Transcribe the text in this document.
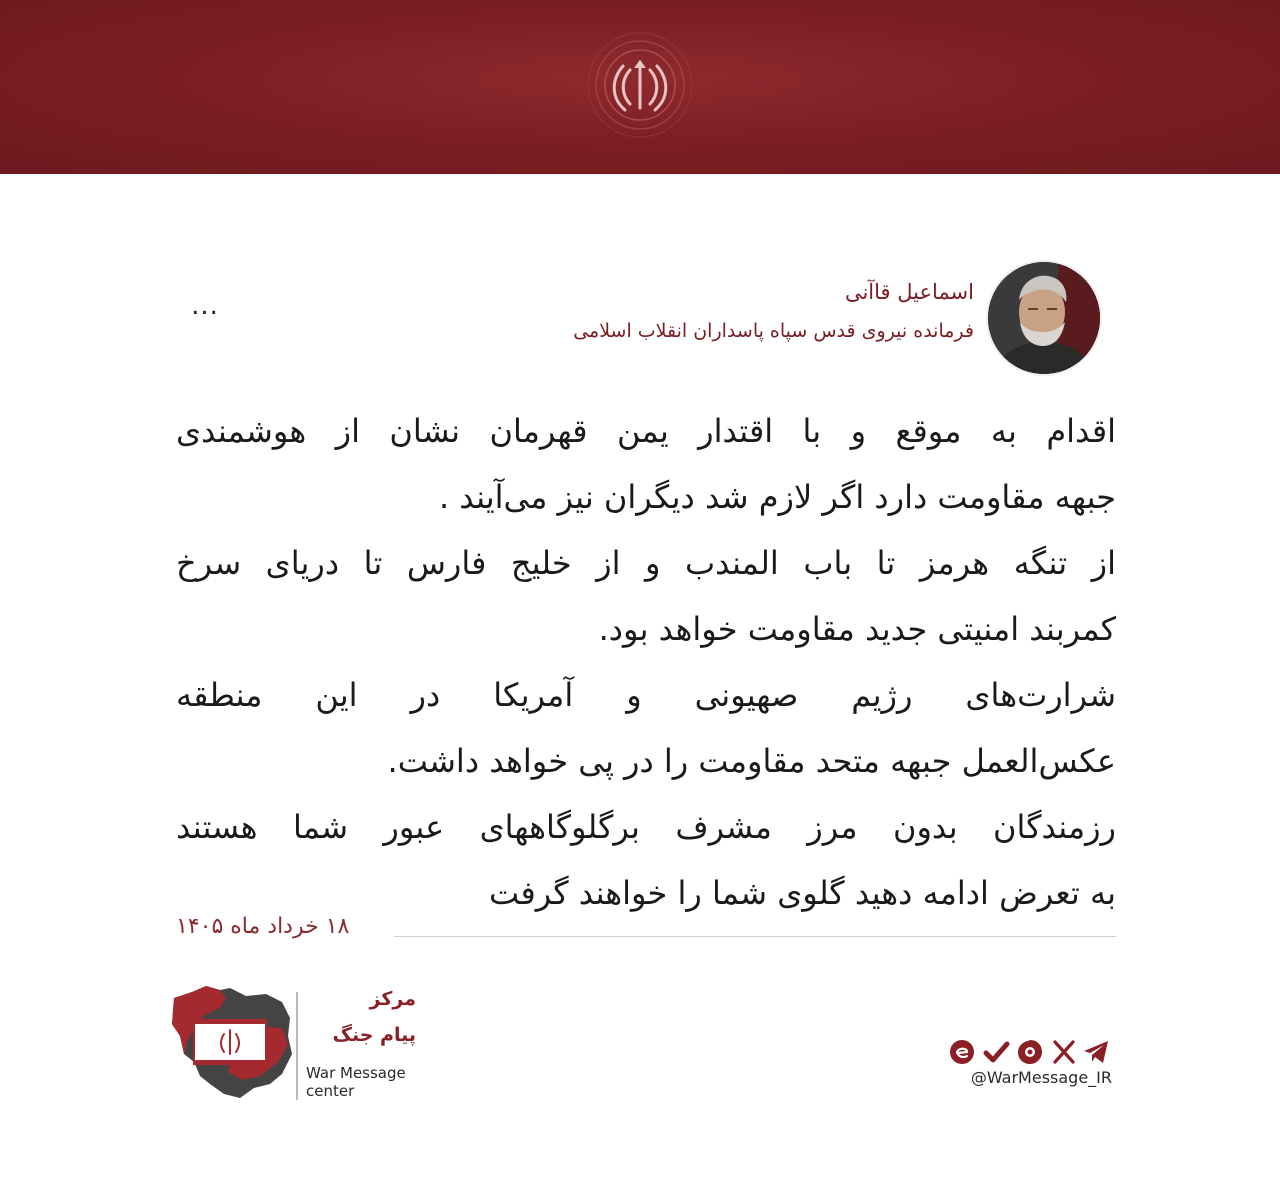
اسماعیل قاآنی
فرمانده نیروی قدس سپاه پاسداران انقلاب اسلامی
...
اقدام به موقع و با اقتدار یمن قهرمان نشان از هوشمندی
جبهه مقاومت دارد اگر لازم شد دیگران نیز می‌آیند .
از تنگه هرمز تا باب المندب و از خلیج فارس تا دریای سرخ
کمربند امنیتی جدید مقاومت خواهد بود.
شرارت‌های رژیم صهیونی و آمریکا در این منطقه
عکس‌العمل جبهه متحد مقاومت را در پی خواهد داشت.
رزمندگان بدون مرز مشرف برگلوگاههای عبور شما هستند
به تعرض ادامه دهید گلوی شما را خواهند گرفت
۱۸ خرداد ماه ۱۴۰۵
مرکز
پیام جنگ
War Message
center
@WarMessage_IR
